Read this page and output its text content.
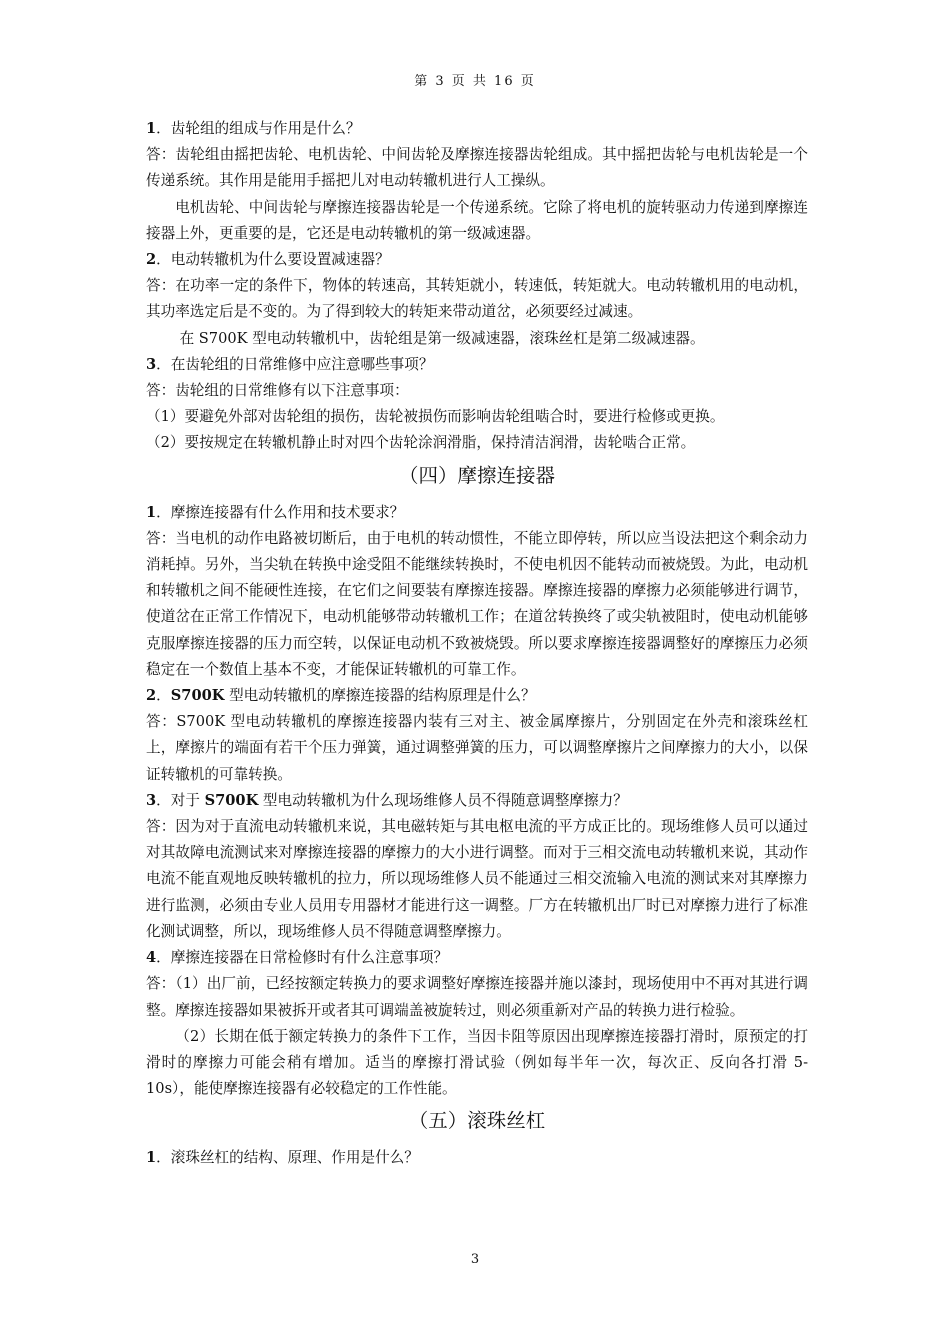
第 3 页 共 16 页

1．齿轮组的组成与作用是什么？

答：齿轮组由摇把齿轮、电机齿轮、中间齿轮及摩擦连接器齿轮组成。其中摇把齿轮与电机齿轮是一个传递系统。其作用是能用手摇把儿对电动转辙机进行人工操纵。

电机齿轮、中间齿轮与摩擦连接器齿轮是一个传递系统。它除了将电机的旋转驱动力传递到摩擦连接器上外，更重要的是，它还是电动转辙机的第一级减速器。

2．电动转辙机为什么要设置减速器？

答：在功率一定的条件下，物体的转速高，其转矩就小，转速低，转矩就大。电动转辙机用的电动机，其功率选定后是不变的。为了得到较大的转矩来带动道岔，必须要经过减速。

在 S700K 型电动转辙机中，齿轮组是第一级减速器，滚珠丝杠是第二级减速器。

3．在齿轮组的日常维修中应注意哪些事项？

答：齿轮组的日常维修有以下注意事项：

（1）要避免外部对齿轮组的损伤，齿轮被损伤而影响齿轮组啮合时，要进行检修或更换。

（2）要按规定在转辙机静止时对四个齿轮涂润滑脂，保持清洁润滑，齿轮啮合正常。

（四）摩擦连接器

1．摩擦连接器有什么作用和技术要求？

答：当电机的动作电路被切断后，由于电机的转动惯性，不能立即停转，所以应当设法把这个剩余动力消耗掉。另外，当尖轨在转换中途受阻不能继续转换时，不使电机因不能转动而被烧毁。为此，电动机和转辙机之间不能硬性连接，在它们之间要装有摩擦连接器。摩擦连接器的摩擦力必须能够进行调节，使道岔在正常工作情况下，电动机能够带动转辙机工作；在道岔转换终了或尖轨被阻时，使电动机能够克服摩擦连接器的压力而空转，以保证电动机不致被烧毁。所以要求摩擦连接器调整好的摩擦压力必须稳定在一个数值上基本不变，才能保证转辙机的可靠工作。

2．S700K 型电动转辙机的摩擦连接器的结构原理是什么？

答：S700K 型电动转辙机的摩擦连接器内装有三对主、被金属摩擦片，分别固定在外壳和滚珠丝杠上，摩擦片的端面有若干个压力弹簧，通过调整弹簧的压力，可以调整摩擦片之间摩擦力的大小，以保证转辙机的可靠转换。

3．对于 S700K 型电动转辙机为什么现场维修人员不得随意调整摩擦力？

答：因为对于直流电动转辙机来说，其电磁转矩与其电枢电流的平方成正比的。现场维修人员可以通过对其故障电流测试来对摩擦连接器的摩擦力的大小进行调整。而对于三相交流电动转辙机来说，其动作电流不能直观地反映转辙机的拉力，所以现场维修人员不能通过三相交流输入电流的测试来对其摩擦力进行监测，必须由专业人员用专用器材才能进行这一调整。厂方在转辙机出厂时已对摩擦力进行了标准化测试调整，所以，现场维修人员不得随意调整摩擦力。

4．摩擦连接器在日常检修时有什么注意事项？

答：（1）出厂前，已经按额定转换力的要求调整好摩擦连接器并施以漆封，现场使用中不再对其进行调整。摩擦连接器如果被拆开或者其可调端盖被旋转过，则必须重新对产品的转换力进行检验。

（2）长期在低于额定转换力的条件下工作，当因卡阻等原因出现摩擦连接器打滑时，原预定的打滑时的摩擦力可能会稍有增加。适当的摩擦打滑试验（例如每半年一次，每次正、反向各打滑 5-10s），能使摩擦连接器有必较稳定的工作性能。

（五）滚珠丝杠

1．滚珠丝杠的结构、原理、作用是什么？

3
